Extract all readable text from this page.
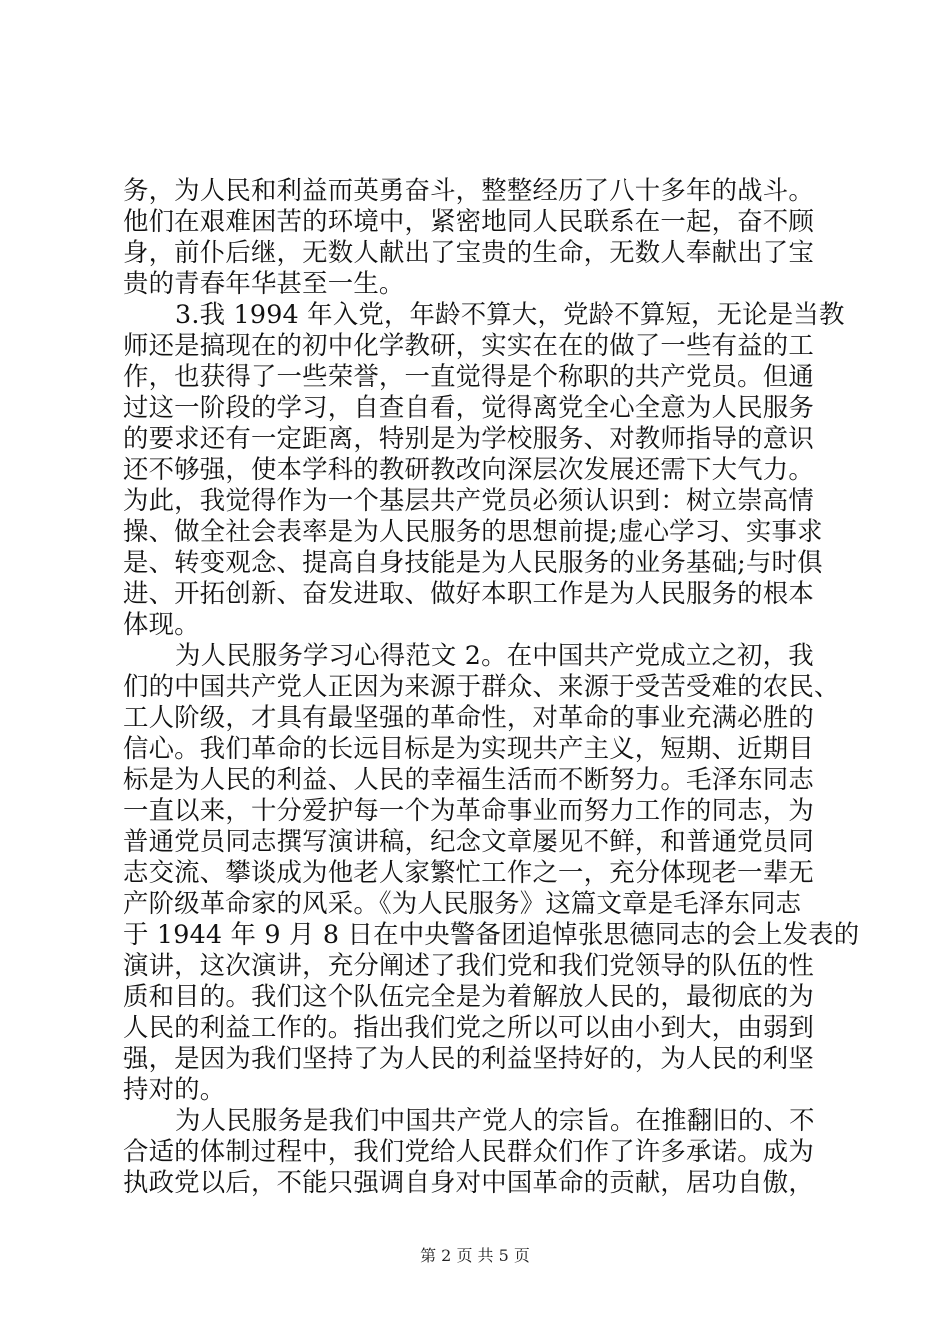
务，为人民和利益而英勇奋斗，整整经历了八十多年的战斗。
他们在艰难困苦的环境中，紧密地同人民联系在一起，奋不顾
身，前仆后继，无数人献出了宝贵的生命，无数人奉献出了宝
贵的青春年华甚至一生。
3.我 1994 年入党，年龄不算大，党龄不算短，无论是当教
师还是搞现在的初中化学教研，实实在在的做了一些有益的工
作，也获得了一些荣誉，一直觉得是个称职的共产党员。但通
过这一阶段的学习，自查自看，觉得离党全心全意为人民服务
的要求还有一定距离，特别是为学校服务、对教师指导的意识
还不够强，使本学科的教研教改向深层次发展还需下大气力。
为此，我觉得作为一个基层共产党员必须认识到：树立崇高情
操、做全社会表率是为人民服务的思想前提;虚心学习、实事求
是、转变观念、提高自身技能是为人民服务的业务基础;与时俱
进、开拓创新、奋发进取、做好本职工作是为人民服务的根本
体现。
为人民服务学习心得范文 2。在中国共产党成立之初，我
们的中国共产党人正因为来源于群众、来源于受苦受难的农民、
工人阶级，才具有最坚强的革命性，对革命的事业充满必胜的
信心。我们革命的长远目标是为实现共产主义，短期、近期目
标是为人民的利益、人民的幸福生活而不断努力。毛泽东同志
一直以来，十分爱护每一个为革命事业而努力工作的同志，为
普通党员同志撰写演讲稿，纪念文章屡见不鲜，和普通党员同
志交流、攀谈成为他老人家繁忙工作之一，充分体现老一辈无
产阶级革命家的风采。《为人民服务》这篇文章是毛泽东同志
于 1944 年 9 月 8 日在中央警备团追悼张思德同志的会上发表的
演讲，这次演讲，充分阐述了我们党和我们党领导的队伍的性
质和目的。我们这个队伍完全是为着解放人民的，最彻底的为
人民的利益工作的。指出我们党之所以可以由小到大，由弱到
强，是因为我们坚持了为人民的利益坚持好的，为人民的利坚
持对的。
为人民服务是我们中国共产党人的宗旨。在推翻旧的、不
合适的体制过程中，我们党给人民群众们作了许多承诺。成为
执政党以后，不能只强调自身对中国革命的贡献，居功自傲，
第 2 页 共 5 页
